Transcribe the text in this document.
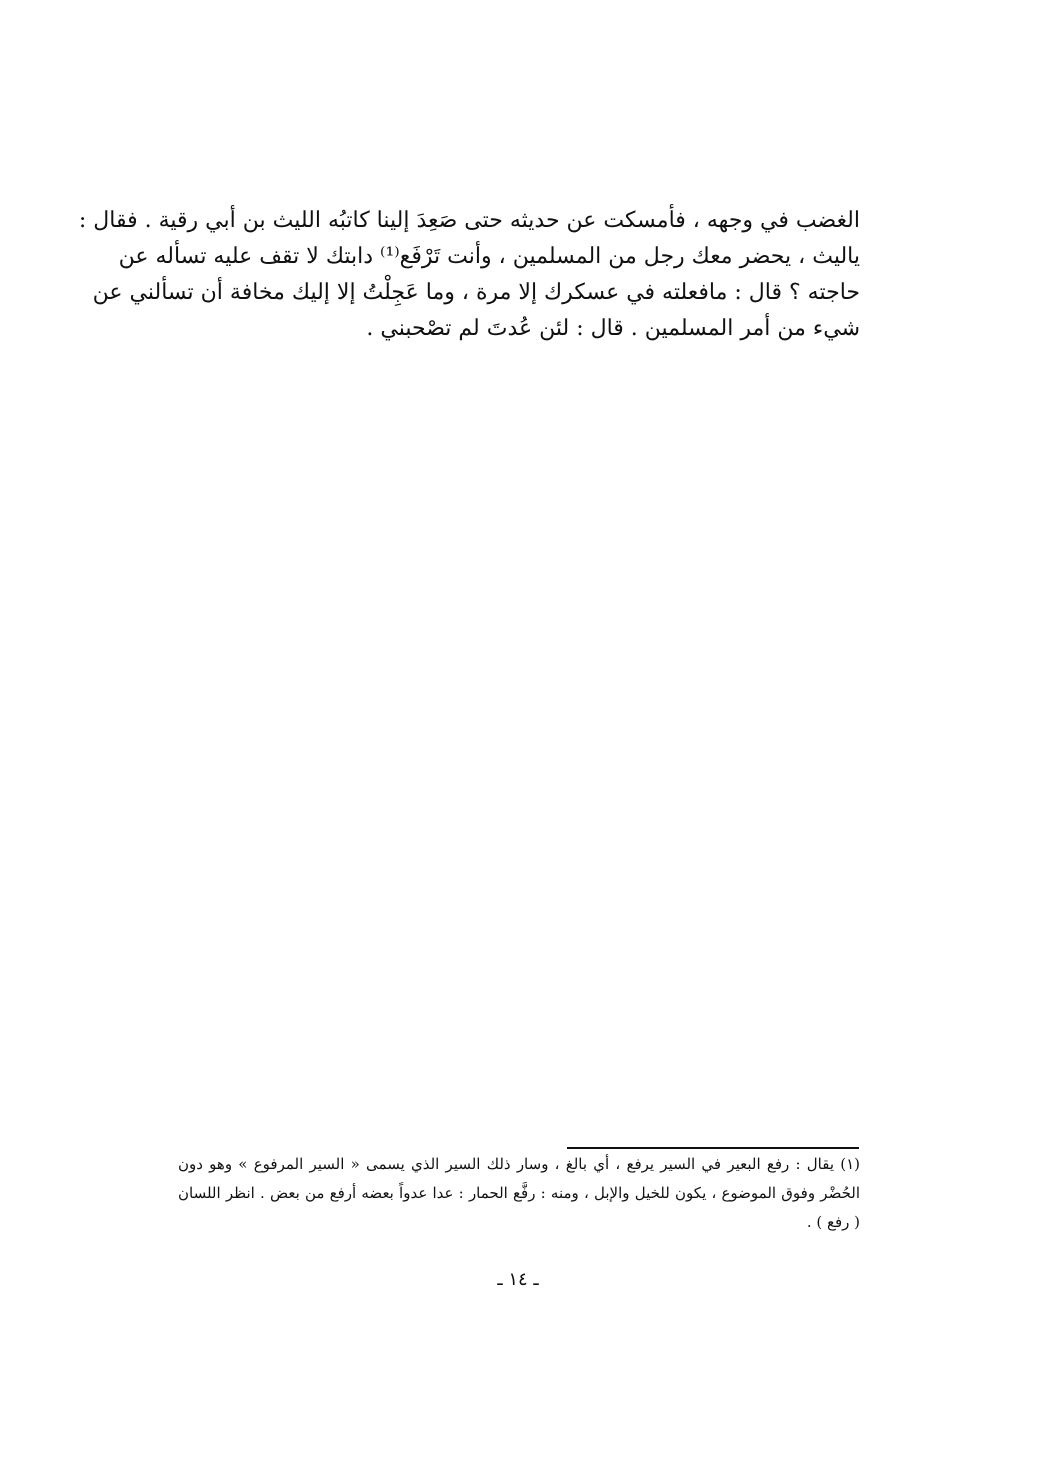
الغضب في وجهه ، فأمسكت عن حديثه حتى صَعِدَ إلينا كاتبُه الليث بن أبي رقية . فقال :
ياليث ، يحضر معك رجل من المسلمين ، وأنت تَرْفَع⁽¹⁾ دابتك لا تقف عليه تسأله عن
حاجته ؟ قال : مافعلته في عسكرك إلا مرة ، وما عَجِلْتُ إلا إليك مخافة أن تسألني عن
شيء من أمر المسلمين . قال : لئن عُدتَ لم تصْحبني .

(١) يقال : رفع البعير في السير يرفع ، أي بالغ ، وسار ذلك السير الذي يسمى « السير المرفوع » وهو دون
الحُضْر وفوق الموضوع ، يكون للخيل والإبل ، ومنه : رفَّع الحمار : عدا عدواً بعضه أرفع من بعض . انظر اللسان
( رفع ) .

ـ ١٤ ـ
